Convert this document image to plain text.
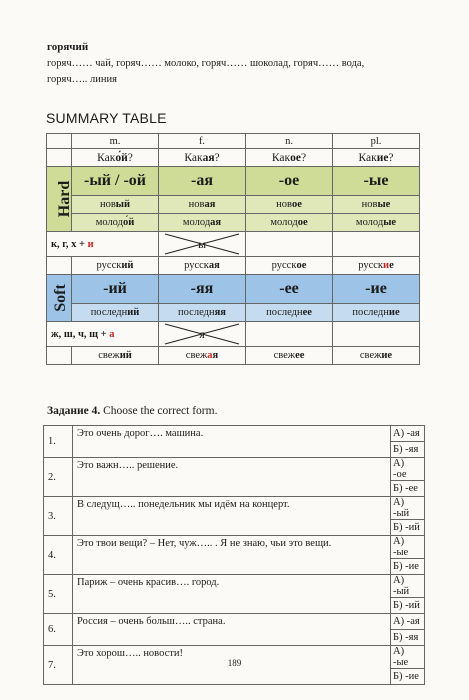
горячий
горяч…… чай, горяч…… молоко, горяч…… шоколад, горяч…… вода,
горяч….. линия
SUMMARY TABLE
	m.	f.	n.	pl.
	Како́й?	Какая?	Какое?	Какие?
Hard	-ый / -ой	-ая	-ое	-ые
	новый	новая	новое	новые
	молодо́й	молодая	молодое	молодые
к, г, х + и	

	русский	русская	русское	русские
Soft	-ий	-яя	-ее	-ие
	последний	последняя	последнее	последние
ж, ш, ч, щ + а	

	свежий	свежая	свежее	свежие
Задание 4. Choose the correct form.
1.	Это очень дорог…. машина.	А) -ая
		Б) -яя
2.	Это важн….. решение.	А) -ое
		Б) -ее
3.	В следущ….. понедельник мы идём на концерт.	А) -ый
		Б) -ий
4.	Это твои вещи? – Нет, чуж….. . Я не знаю, чьи это вещи.	А) -ые
		Б) -ие
5.	Париж – очень красив…. город.	А) -ый
		Б) -ий
6.	Россия – очень больш….. страна.	А) -ая
		Б) -яя
7.	Это хорош….. новости!	А) -ые
		Б) -ие
189
